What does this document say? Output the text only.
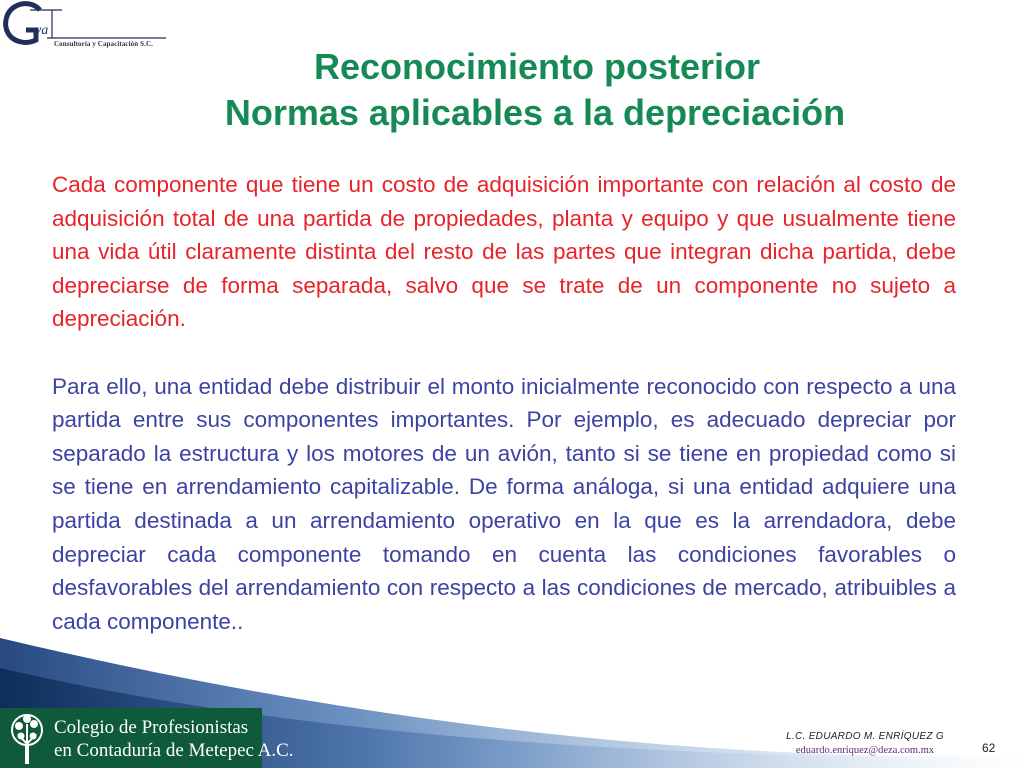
va
Consultoría y Capacitación S.C.
Reconocimiento posterior
Normas aplicables a la depreciación

Cada componente que tiene un costo de adquisición importante con relación al costo de adquisición total de una partida de propiedades, planta y equipo y que usualmente tiene una vida útil claramente distinta del resto de las partes que integran dicha partida, debe depreciarse de forma separada, salvo que se trate de un componente no sujeto a depreciación.

Para ello, una entidad debe distribuir el monto inicialmente reconocido con respecto a una partida entre sus componentes importantes. Por ejemplo, es adecuado depreciar por separado la estructura y los motores de un avión, tanto si se tiene en propiedad como si se tiene en arrendamiento capitalizable. De forma análoga, si una entidad adquiere una partida destinada a un arrendamiento operativo en la que es la arrendadora, debe depreciar cada componente tomando en cuenta las condiciones favorables o desfavorables del arrendamiento con respecto a las condiciones de mercado, atribuibles a cada componente..

Colegio de Profesionistas
en Contaduría de Metepec A.C.
L.C. EDUARDO M. ENRÍQUEZ G
eduardo.enriquez@deza.com.mx	62
